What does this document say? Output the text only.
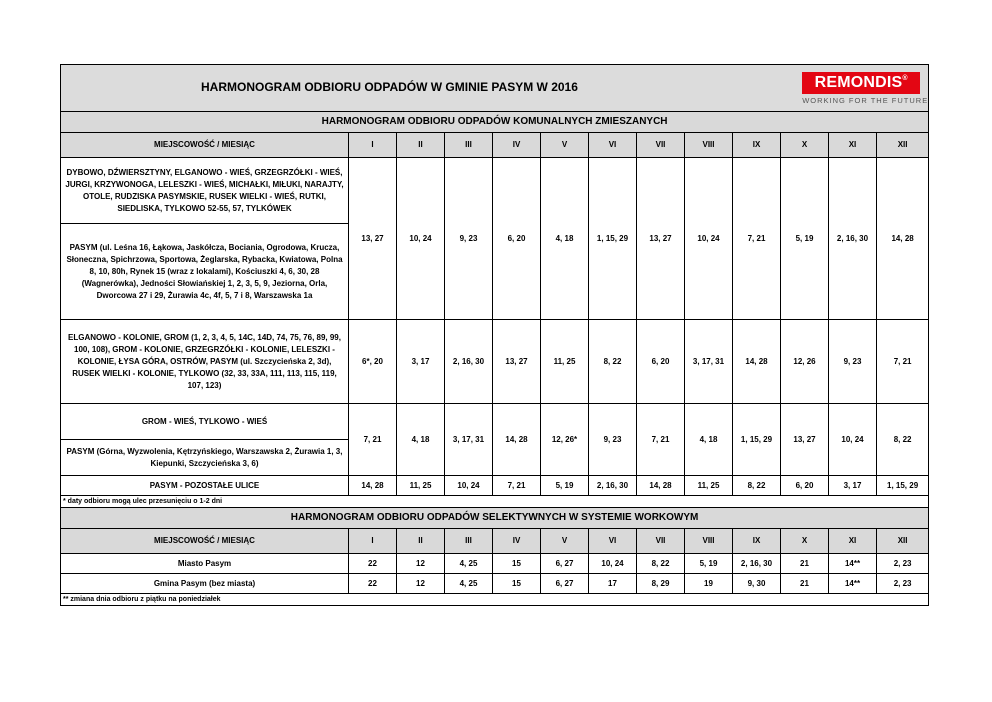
HARMONOGRAM ODBIORU ODPADÓW W GMINIE PASYM W 2016 REMONDIS®
WORKING FOR THE FUTURE												

HARMONOGRAM ODBIORU ODPADÓW KOMUNALNYCH ZMIESZANYCH												
MIEJSCOWOŚĆ / MIESIĄC	I	II	III	IV	V	VI	VII	VIII	IX	X	XI	XII
DYBOWO, DŹWIERSZTYNY, ELGANOWO - WIEŚ, GRZEGRZÓŁKI - WIEŚ, JURGI, KRZYWONOGA, LELESZKI - WIEŚ, MICHAŁKI, MIŁUKI, NARAJTY, OTOLE, RUDZISKA PASYMSKIE, RUSEK WIELKI - WIEŚ, RUTKI, SIEDLISKA, TYLKOWO 52-55, 57, TYLKÓWEK	13, 27	10, 24	9, 23	6, 20	4, 18	1, 15, 29	13, 27	10, 24	7, 21	5, 19	2, 16, 30	14, 28
PASYM (ul. Leśna 16, Łąkowa, Jaskółcza, Bociania, Ogrodowa, Krucza, Słoneczna, Spichrzowa, Sportowa, Żeglarska, Rybacka, Kwiatowa, Polna 8, 10, 80h, Rynek 15 (wraz z lokalami), Kościuszki 4, 6, 30, 28 (Wagnerówka), Jedności Słowiańskiej 1, 2, 3, 5, 9, Jeziorna, Orla, Dworcowa 27 i 29, Żurawia 4c, 4f, 5, 7 i 8, Warszawska 1a												
ELGANOWO - KOLONIE, GROM (1, 2, 3, 4, 5, 14C, 14D, 74, 75, 76, 89, 99, 100, 108), GROM - KOLONIE, GRZEGRZÓŁKI - KOLONIE, LELESZKI - KOLONIE, ŁYSA GÓRA, OSTRÓW, PASYM (ul. Szczycieńska 2, 3d), RUSEK WIELKI - KOLONIE, TYLKOWO (32, 33, 33A, 111, 113, 115, 119, 107, 123)	6*, 20	3, 17	2, 16, 30	13, 27	11, 25	8, 22	6, 20	3, 17, 31	14, 28	12, 26	9, 23	7, 21
GROM - WIEŚ, TYLKOWO - WIEŚ	7, 21	4, 18	3, 17, 31	14, 28	12, 26*	9, 23	7, 21	4, 18	1, 15, 29	13, 27	10, 24	8, 22
PASYM (Górna, Wyzwolenia, Kętrzyńskiego, Warszawska 2, Żurawia 1, 3, Kiepunki, Szczycieńska 3, 6)												
PASYM - POZOSTAŁE ULICE	14, 28	11, 25	10, 24	7, 21	5, 19	2, 16, 30	14, 28	11, 25	8, 22	6, 20	3, 17	1, 15, 29
* daty odbioru mogą ulec przesunięciu o 1-2 dni												
HARMONOGRAM ODBIORU ODPADÓW SELEKTYWNYCH W SYSTEMIE WORKOWYM												
MIEJSCOWOŚĆ / MIESIĄC	I	II	III	IV	V	VI	VII	VIII	IX	X	XI	XII
Miasto Pasym	22	12	4, 25	15	6, 27	10, 24	8, 22	5, 19	2, 16, 30	21	14**	2, 23
Gmina Pasym (bez miasta)	22	12	4, 25	15	6, 27	17	8, 29	19	9, 30	21	14**	2, 23
** zmiana dnia odbioru z piątku na poniedziałek												
